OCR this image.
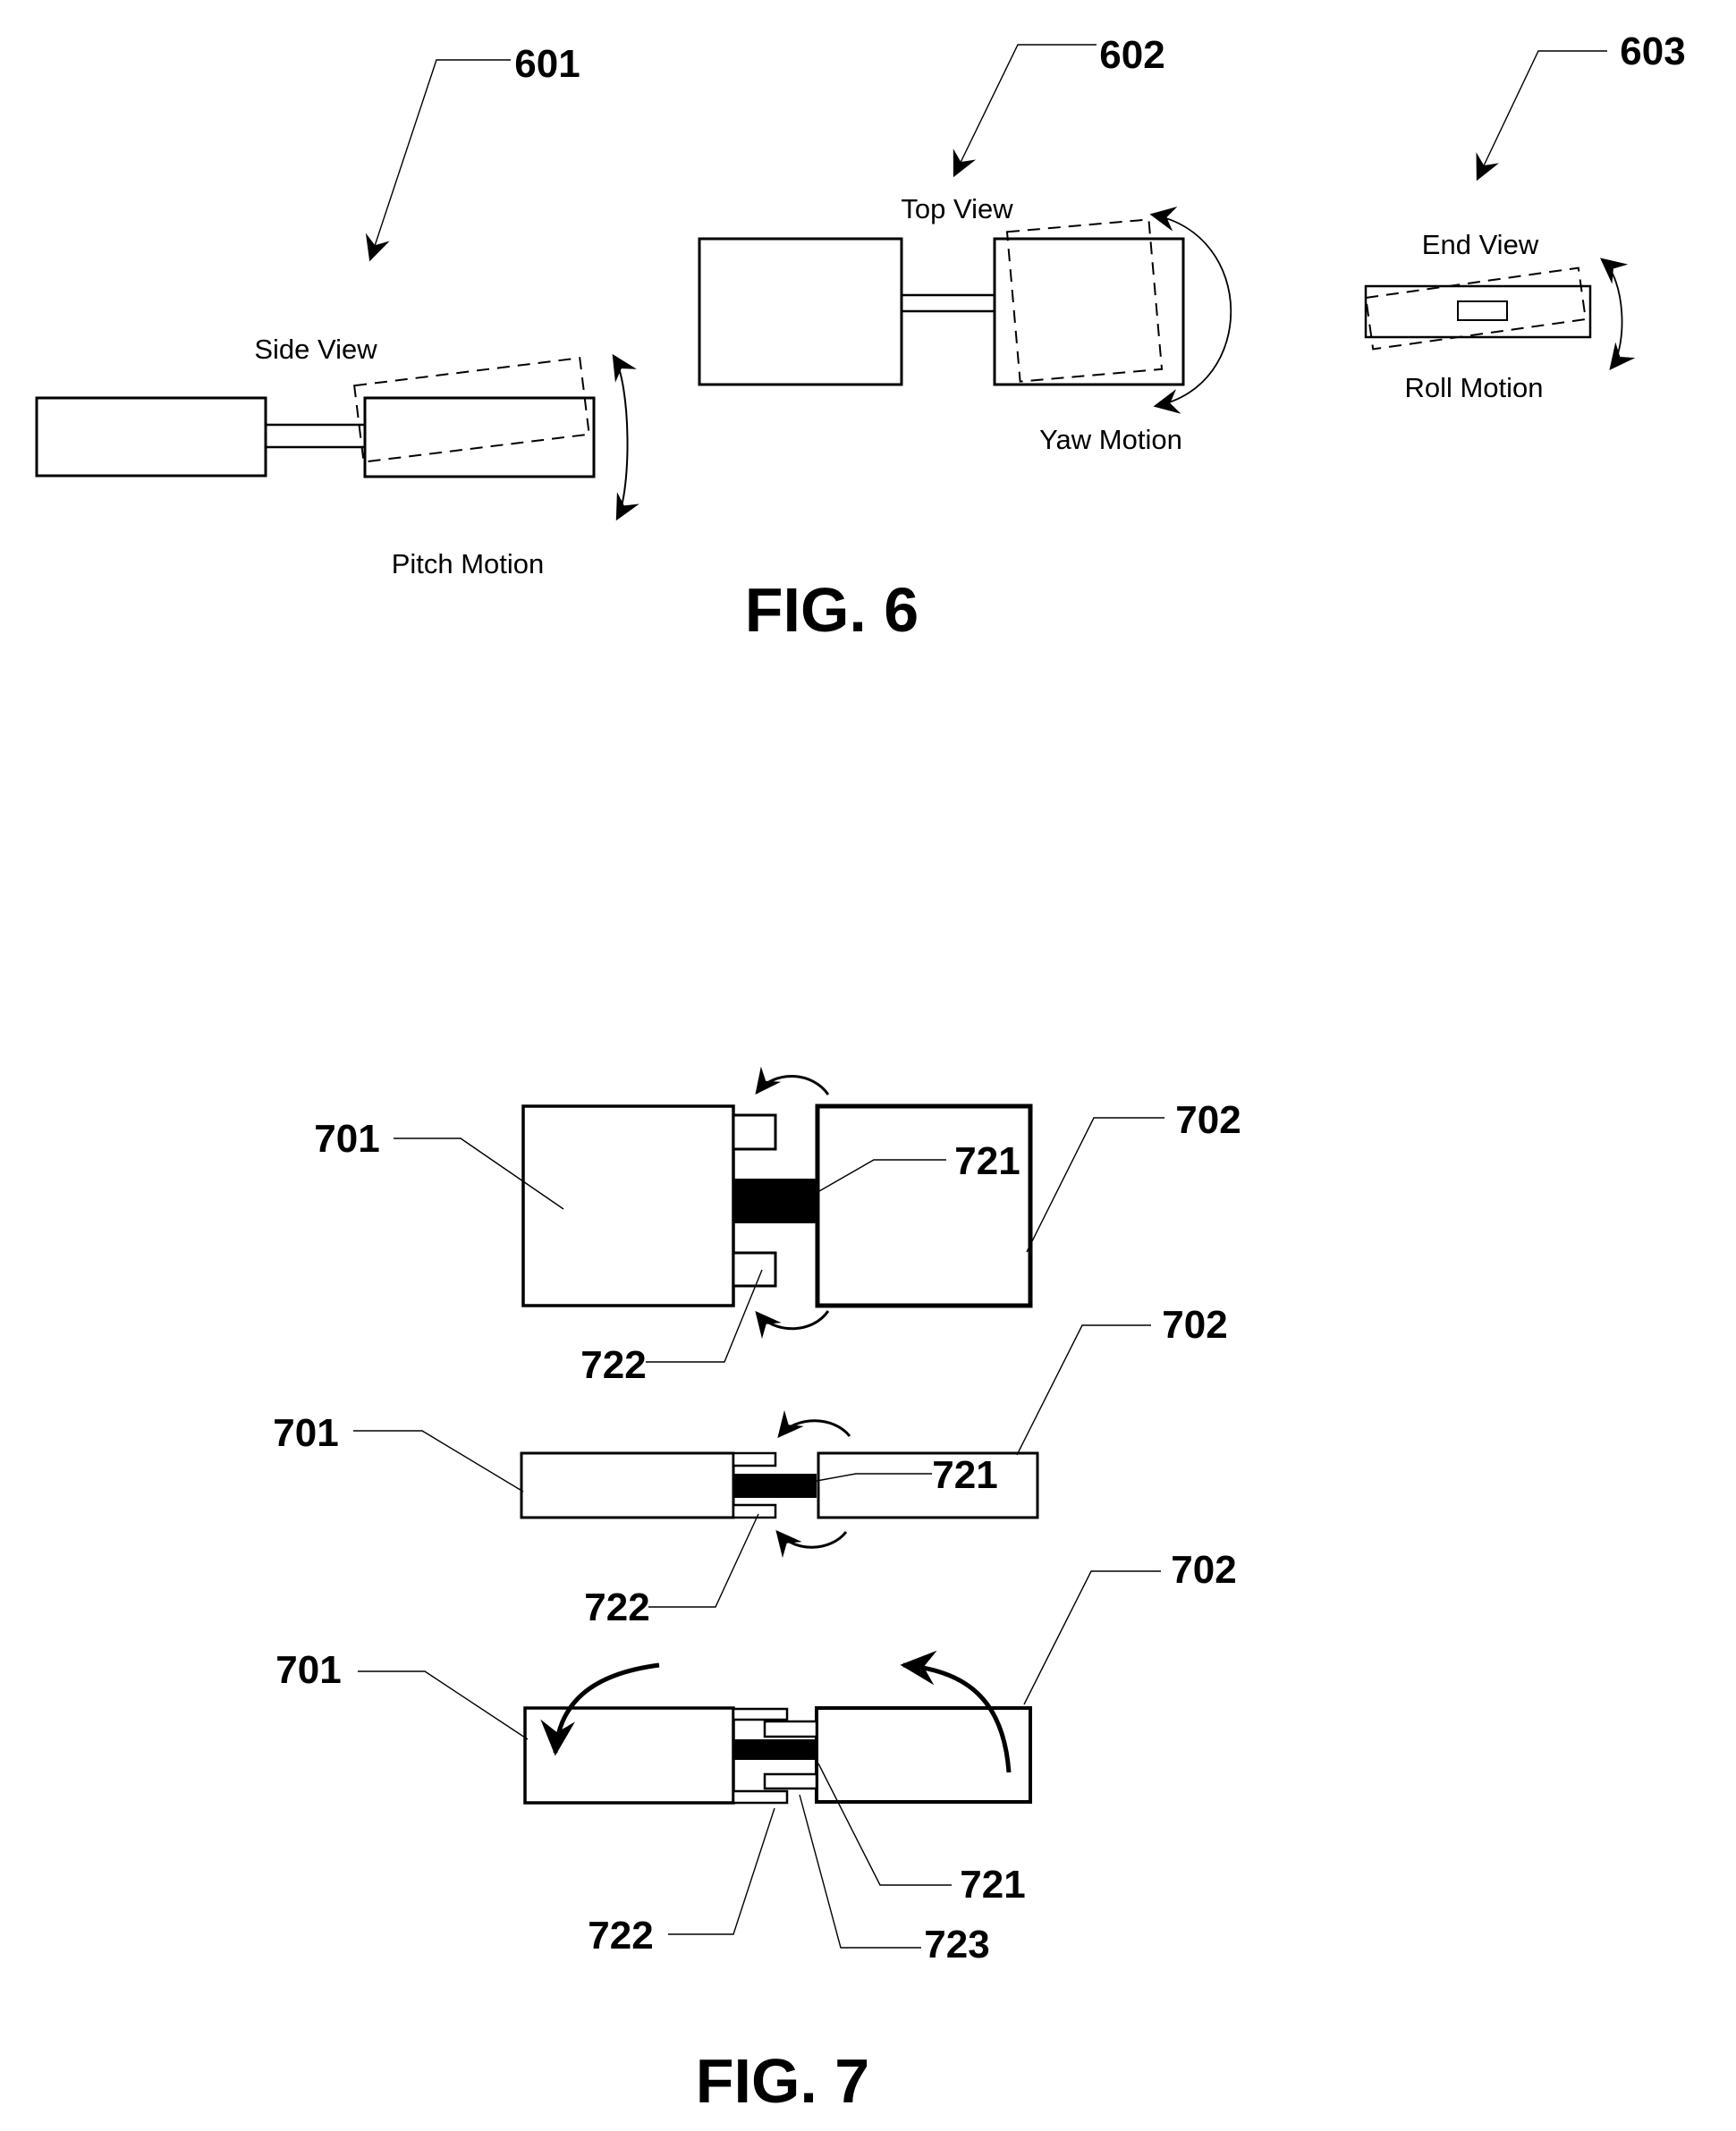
601
Side View
Pitch Motion
602
Top View
Yaw Motion
603
End View
Roll Motion
FIG. 6
701	702
721
722
701
702
721
722
701
702
722	723
721
FIG. 7
